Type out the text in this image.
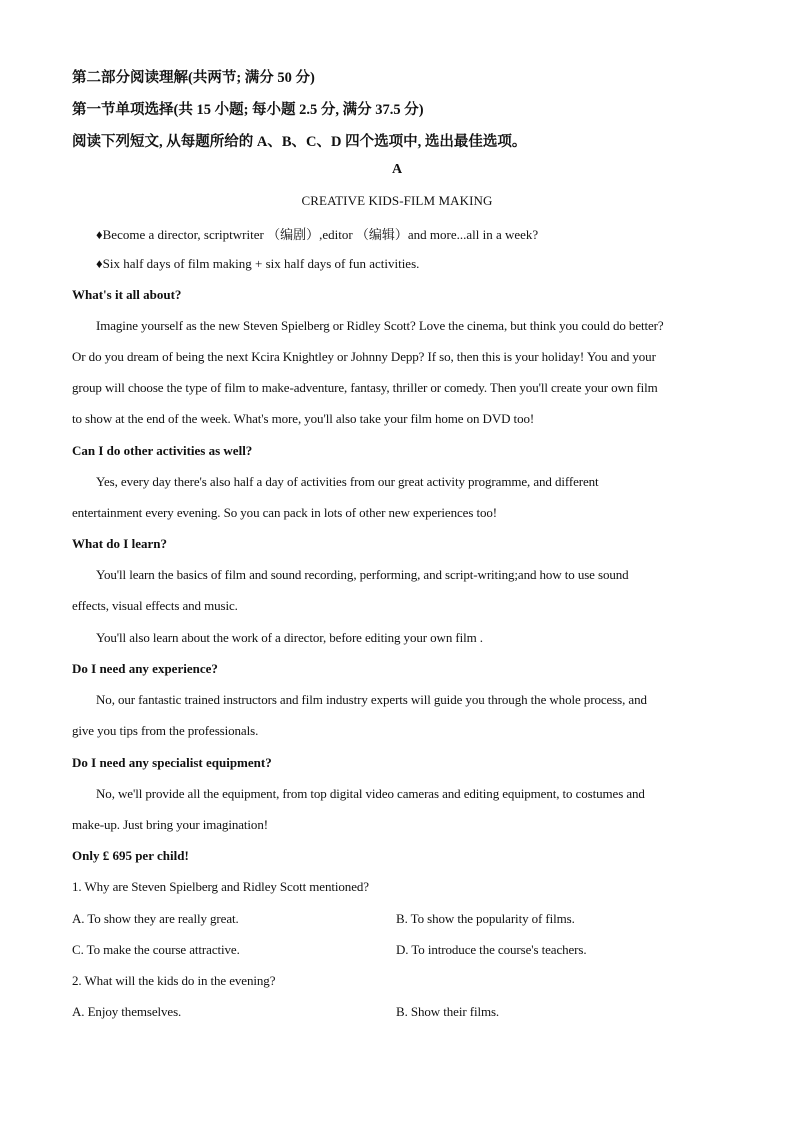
第二部分阅读理解(共两节; 满分 50 分)
第一节单项选择(共 15 小题; 每小题 2.5 分, 满分 37.5 分)
阅读下列短文, 从每题所给的 A、B、C、D 四个选项中, 选出最佳选项。
A
CREATIVE KIDS-FILM MAKING
♦Become a director, scriptwriter （编剧）,editor （编辑）and more...all in a week?
♦Six half days of film making + six half days of fun activities.
What's it all about?
Imagine yourself as the new Steven Spielberg or Ridley Scott? Love the cinema, but think you could do better?
Or do you dream of being the next Kcira Knightley or Johnny Depp? If so, then this is your holiday! You and your
group will choose the type of film to make-adventure, fantasy, thriller or comedy. Then you'll create your own film
to show at the end of the week. What's more, you'll also take your film home on DVD too!
Can I do other activities as well?
Yes, every day there's also half a day of activities from our great activity programme, and different
entertainment every evening. So you can pack in lots of other new experiences too!
What do I learn?
You'll learn the basics of film and sound recording, performing, and script-writing;and how to use sound
effects, visual effects and music.
You'll also learn about the work of a director, before editing your own film .
Do I need any experience?
No, our fantastic trained instructors and film industry experts will guide you through the whole process, and
give you tips from the professionals.
Do I need any specialist equipment?
No, we'll provide all the equipment, from top digital video cameras and editing equipment, to costumes and
make-up. Just bring your imagination!
Only £ 695 per child!
1. Why are Steven Spielberg and Ridley Scott mentioned?
A. To show they are really great.	B. To show the popularity of films.
C. To make the course attractive.	D. To introduce the course's teachers.
2. What will the kids do in the evening?
A. Enjoy themselves.	B. Show their films.
